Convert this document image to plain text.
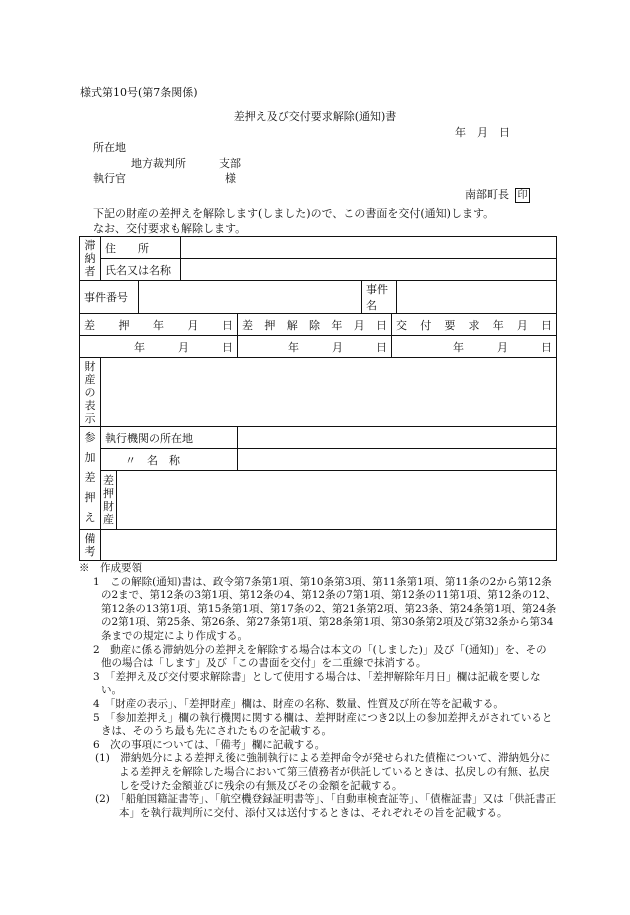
様式第10号(第7条関係)
差押え及び交付要求解除(通知)書
年　月　日
所在地
地方裁判所　　　支部
執行官　　　　　　　　　様
南部町長 印
下記の財産の差押えを解除します(しました)ので、この書面を交付(通知)します。
なお、交付要求も解除します。
滞納者	住　　所							
	氏名又は名称							
事件番号						事件名		
差押年月日					差押解除年月日		交付要求年月日	
年　　　月　　　日					年　　　月　　　日		年　　　月　　　日	
財産の表示								
参加差押え	執行機関の所在地							
	〃　名　称							
	差押財産							
備考								

※　作成要領

1　この解除(通知)書は、政令第7条第1項、第10条第3項、第11条第1項、第11条の2から第12条の2まで、第12条の3第1項、第12条の4、第12条の7第1項、第12条の11第1項、第12条の12、第12条の13第1項、第15条第1項、第17条の2、第21条第2項、第23条、第24条第1項、第24条の2第1項、第25条、第26条、第27条第1項、第28条第1項、第30条第2項及び第32条から第34条までの規定により作成する。

2　動産に係る滞納処分の差押えを解除する場合は本文の「(しました)」及び「(通知)」を、その他の場合は「します」及び「この書面を交付」を二重線で抹消する。

3　「差押え及び交付要求解除書」として使用する場合は、「差押解除年月日」欄は記載を要しない。

4　「財産の表示」、「差押財産」欄は、財産の名称、数量、性質及び所在等を記載する。

5　「参加差押え」欄の執行機関に関する欄は、差押財産につき2以上の参加差押えがされているときは、そのうち最も先にされたものを記載する。

6　次の事項については、「備考」欄に記載する。

(1)　滞納処分による差押え後に強制執行による差押命令が発せられた債権について、滞納処分による差押えを解除した場合において第三債務者が供託しているときは、払戻しの有無、払戻しを受けた金額並びに残余の有無及びその金額を記載する。

(2)　「船舶国籍証書等」、「航空機登録証明書等」、「自動車検査証等」、「債権証書」又は「供託書正本」を執行裁判所に交付、添付又は送付するときは、それぞれその旨を記載する。
